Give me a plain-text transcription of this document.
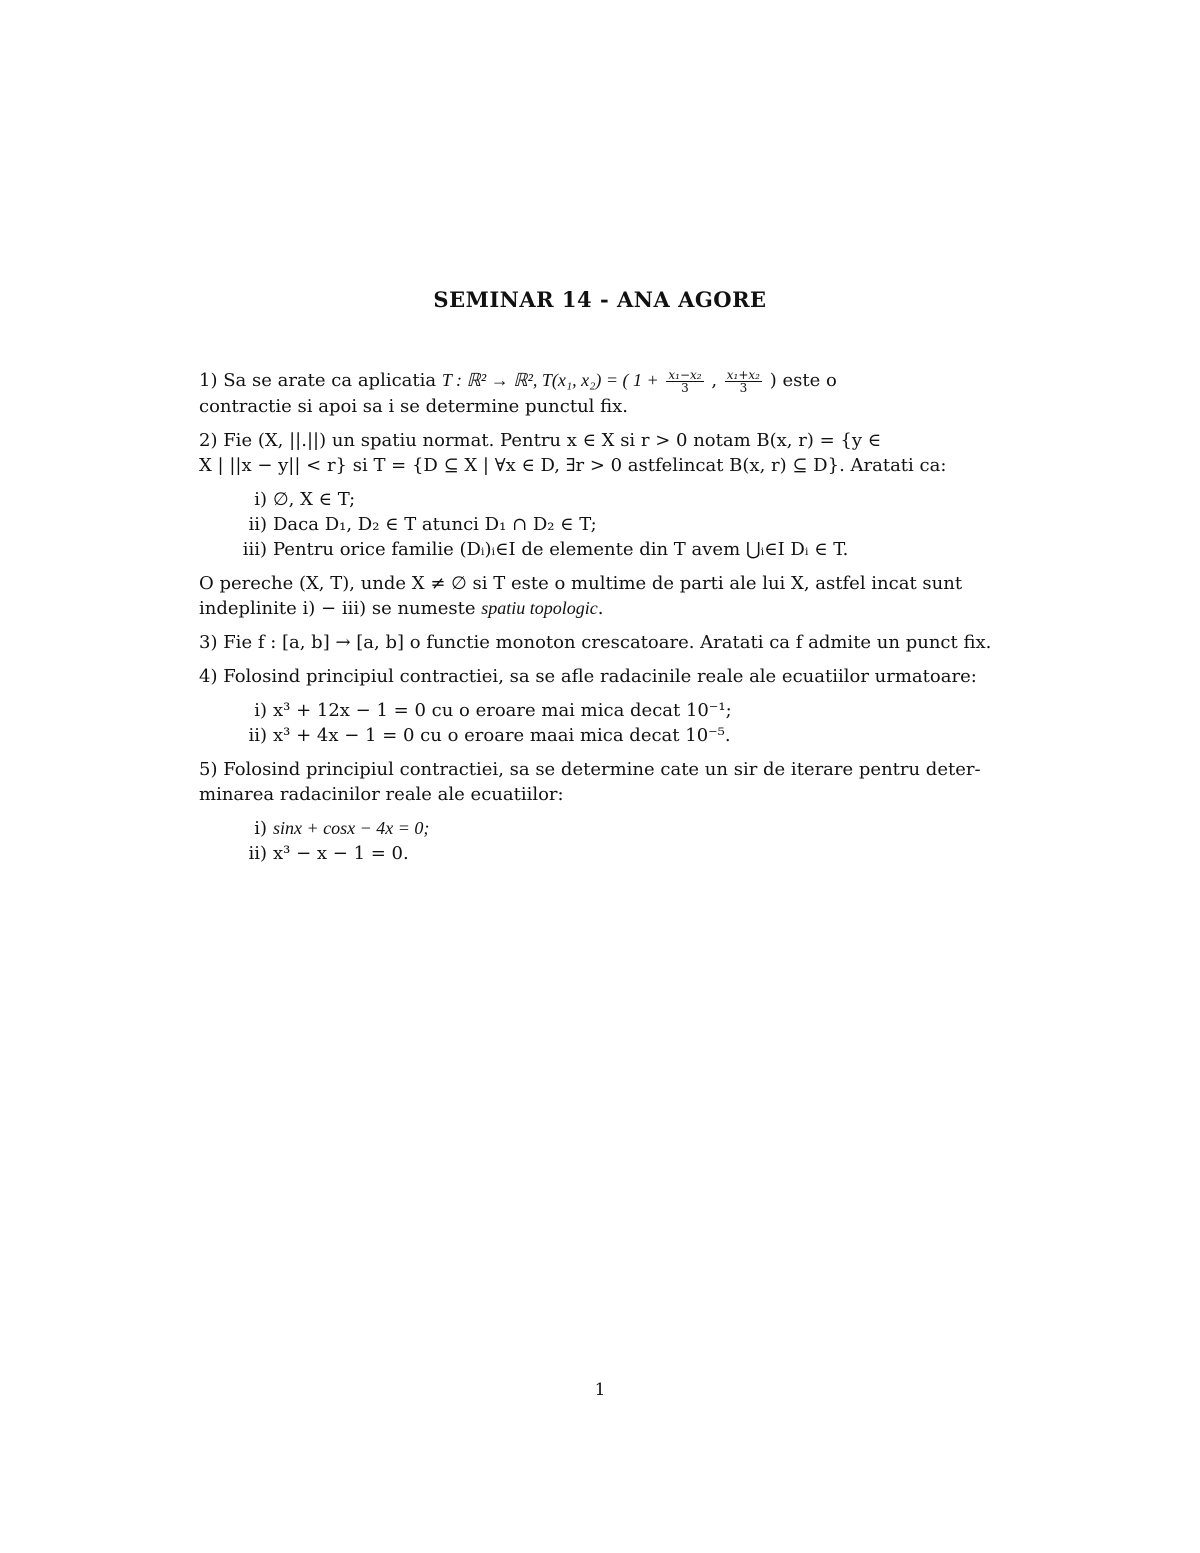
SEMINAR 14 - ANA AGORE
1) Sa se arate ca aplicatia T : ℝ² → ℝ², T(x₁, x₂) = ( $1 + \frac{\text{x₁−x₂}}{3}$ , $\frac{\text{x₁+x₂}}{3}$ ) este o
contractie si apoi sa i se determine punctul fix.
2) Fie (X, ||.||) un spatiu normat. Pentru x ∈ X si r > 0 notam B(x, r) = {y ∈
X | ||x − y|| < r} si T = {D ⊆ X | ∀x ∈ D, ∃r > 0 astfelincat B(x, r) ⊆ D}. Aratati ca:
i) ∅, X ∈ T;
ii) Daca D₁, D₂ ∈ T atunci D₁ ∩ D₂ ∈ T;
iii) Pentru orice familie (Dᵢ)ᵢ∈I de elemente din T avem ⋃ᵢ∈I Dᵢ ∈ T.
O pereche (X, T), unde X ≠ ∅ si T este o multime de parti ale lui X, astfel incat sunt
indeplinite i) − iii) se numeste spatiu topologic.
3) Fie f : [a, b] → [a, b] o functie monoton crescatoare. Aratati ca f admite un punct fix.
4) Folosind principiul contractiei, sa se afle radacinile reale ale ecuatiilor urmatoare:
i) x³ + 12x − 1 = 0 cu o eroare mai mica decat 10⁻¹;
ii) x³ + 4x − 1 = 0 cu o eroare maai mica decat 10⁻⁵.
5) Folosind principiul contractiei, sa se determine cate un sir de iterare pentru deter-
minarea radacinilor reale ale ecuatiilor:
i) sinx + cosx − 4x = 0;
ii) x³ − x − 1 = 0.
1
